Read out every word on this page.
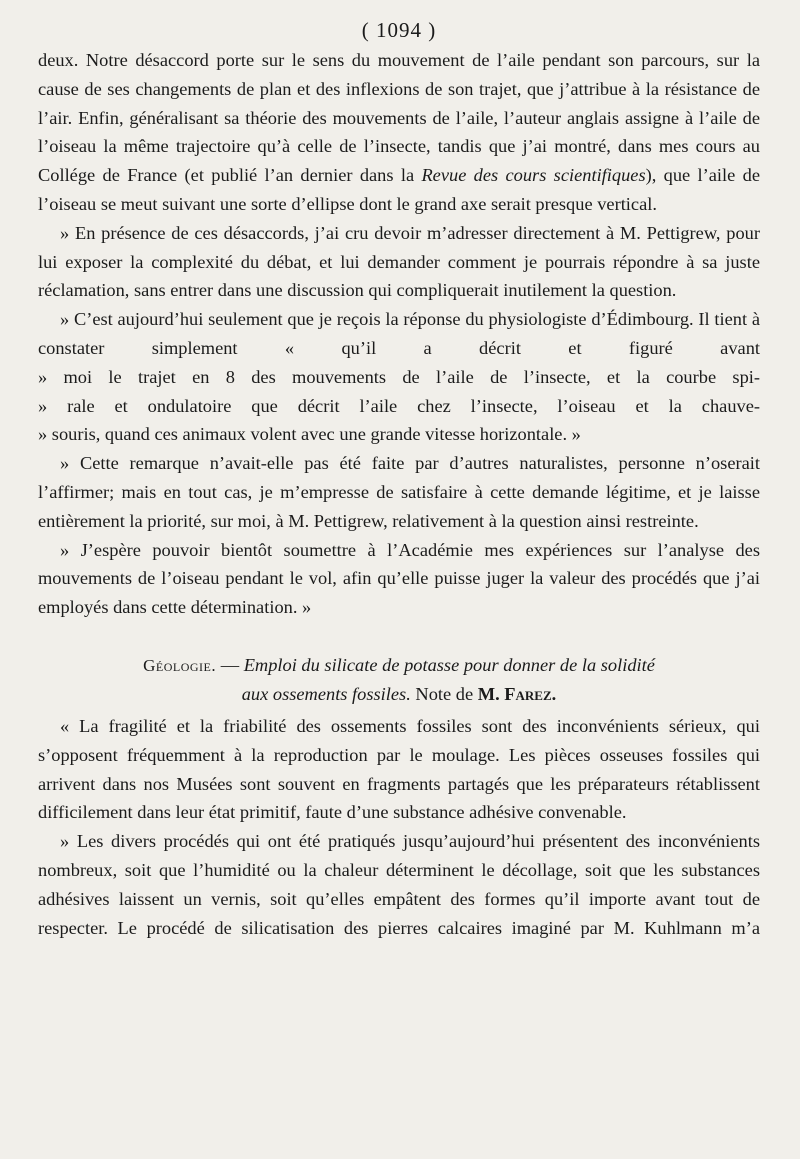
( 1094 )

deux. Notre désaccord porte sur le sens du mouvement de l’aile pendant son parcours, sur la cause de ses changements de plan et des inflexions de son trajet, que j’attribue à la résistance de l’air. Enfin, généralisant sa théorie des mouvements de l’aile, l’auteur anglais assigne à l’aile de l’oiseau la même trajectoire qu’à celle de l’insecte, tandis que j’ai montré, dans mes cours au Collége de France (et publié l’an dernier dans la Revue des cours scientifiques), que l’aile de l’oiseau se meut suivant une sorte d’ellipse dont le grand axe serait presque vertical.

» En présence de ces désaccords, j’ai cru devoir m’adresser directement à M. Pettigrew, pour lui exposer la complexité du débat, et lui demander comment je pourrais répondre à sa juste réclamation, sans entrer dans une discussion qui compliquerait inutilement la question.

» C’est aujourd’hui seulement que je reçois la réponse du physiologiste d’Édimbourg. Il tient à constater simplement « qu’il a décrit et figuré avant

» moi le trajet en 8 des mouvements de l’aile de l’insecte, et la courbe spi-

» rale et ondulatoire que décrit l’aile chez l’insecte, l’oiseau et la chauve-

» souris, quand ces animaux volent avec une grande vitesse horizontale. »

» Cette remarque n’avait-elle pas été faite par d’autres naturalistes, personne n’oserait l’affirmer; mais en tout cas, je m’empresse de satisfaire à cette demande légitime, et je laisse entièrement la priorité, sur moi, à M. Pettigrew, relativement à la question ainsi restreinte.

» J’espère pouvoir bientôt soumettre à l’Académie mes expériences sur l’analyse des mouvements de l’oiseau pendant le vol, afin qu’elle puisse juger la valeur des procédés que j’ai employés dans cette détermination. »

Géologie. — Emploi du silicate de potasse pour donner de la solidité
aux ossements fossiles. Note de M. Farez.

« La fragilité et la friabilité des ossements fossiles sont des inconvénients sérieux, qui s’opposent fréquemment à la reproduction par le moulage. Les pièces osseuses fossiles qui arrivent dans nos Musées sont souvent en fragments partagés que les préparateurs rétablissent difficilement dans leur état primitif, faute d’une substance adhésive convenable.

» Les divers procédés qui ont été pratiqués jusqu’aujourd’hui présentent des inconvénients nombreux, soit que l’humidité ou la chaleur déterminent le décollage, soit que les substances adhésives laissent un vernis, soit qu’elles empâtent des formes qu’il importe avant tout de respecter. Le procédé de silicatisation des pierres calcaires imaginé par M. Kuhlmann m’a
